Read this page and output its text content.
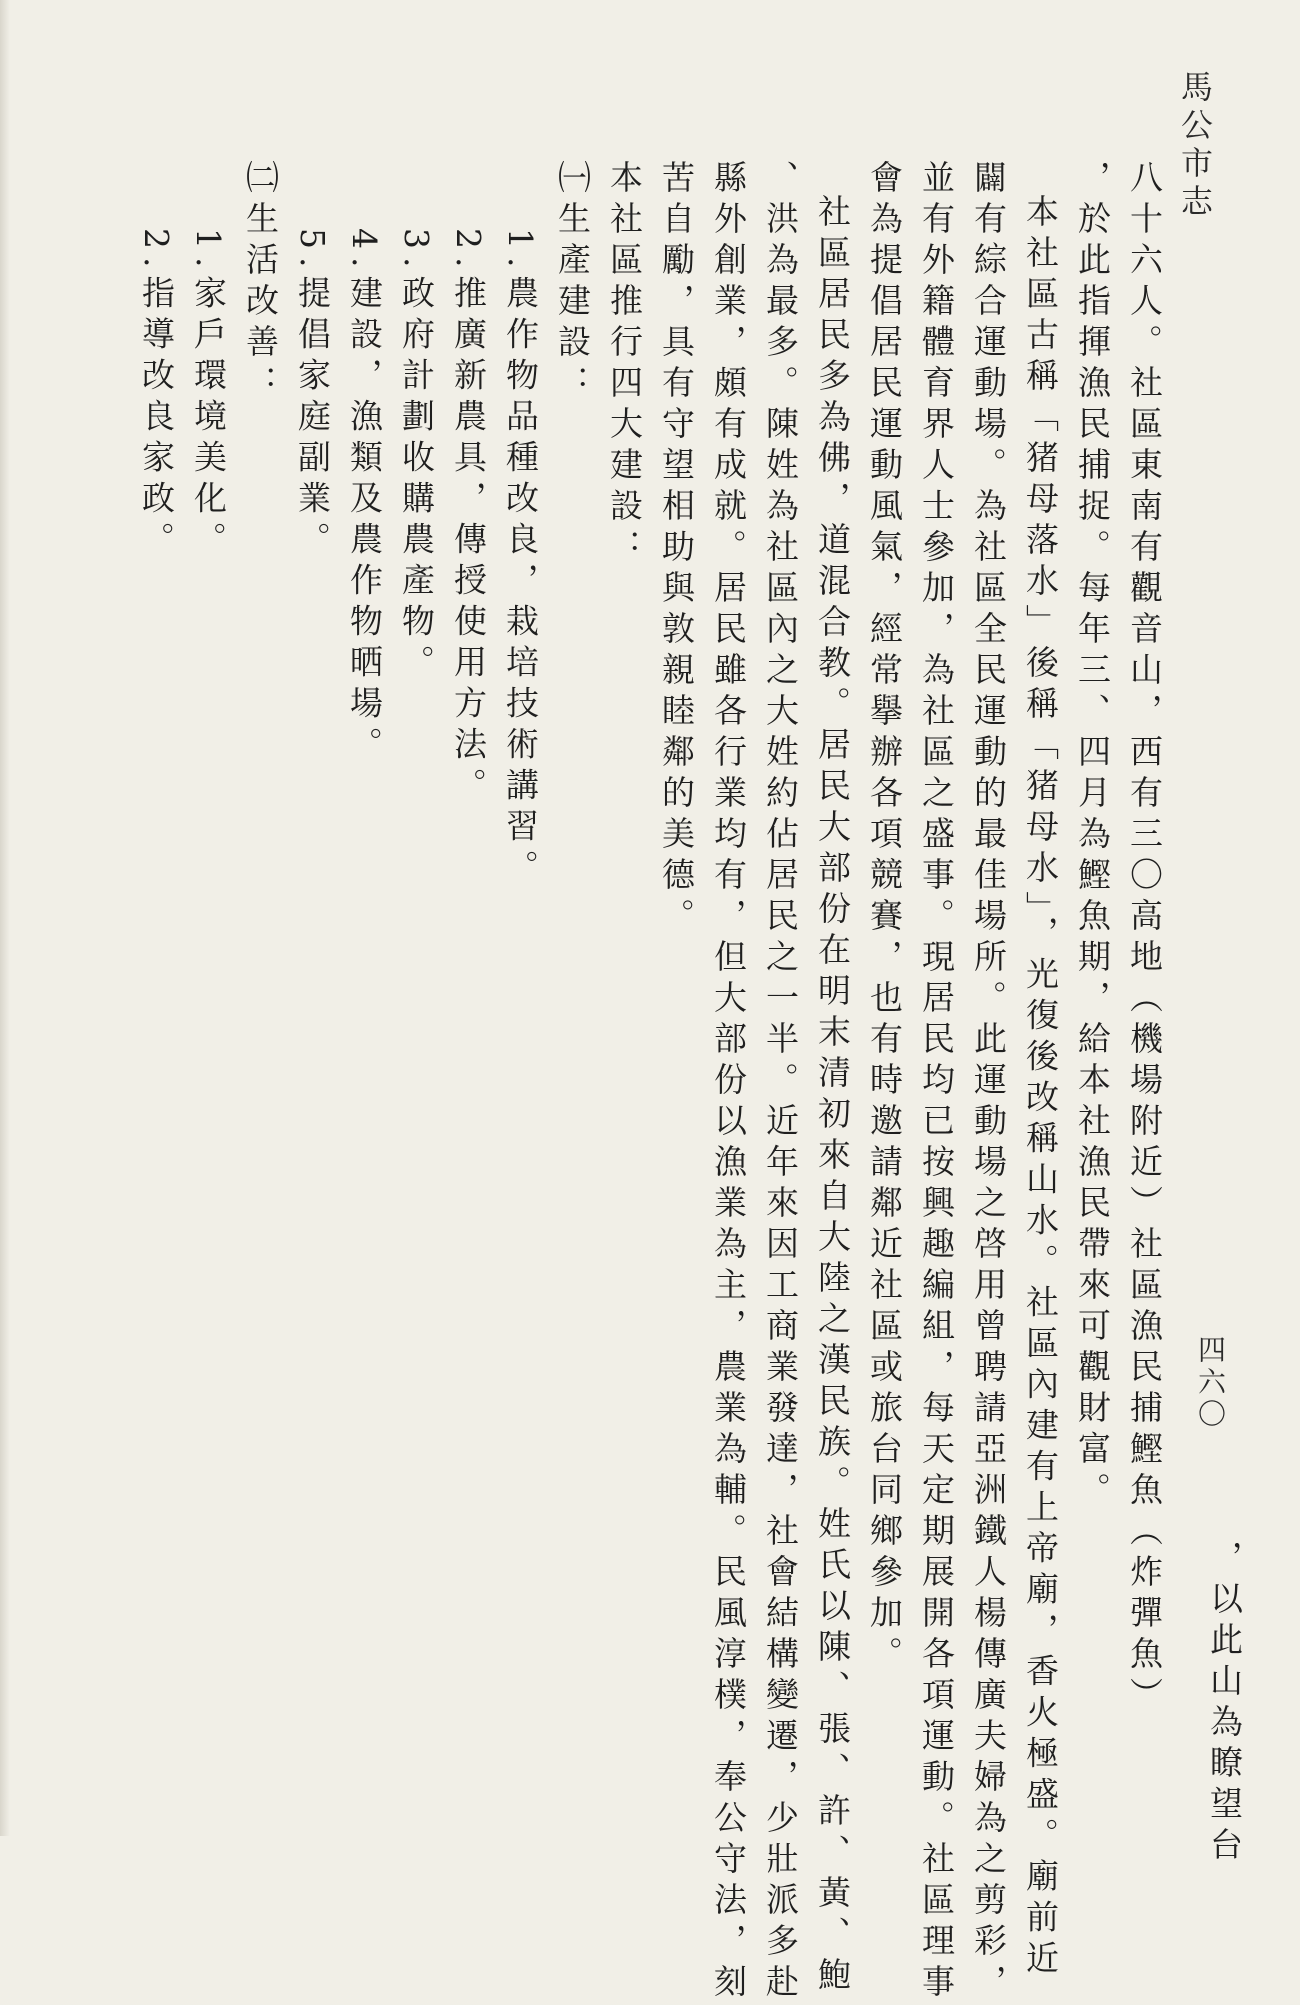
馬公市志
四六〇
，以此山為瞭望台
八十六人。社區東南有觀音山，西有三〇高地（機場附近）社區漁民捕鰹魚（炸彈魚）
，於此指揮漁民捕捉。每年三、四月為鰹魚期，給本社漁民帶來可觀財富。
本社區古稱「猪母落水」後稱「猪母水」，光復後改稱山水。社區內建有上帝廟，香火極盛。廟前近
闢有綜合運動場。為社區全民運動的最佳場所。此運動場之啓用曾聘請亞洲鐵人楊傳廣夫婦為之剪彩，
並有外籍體育界人士參加，為社區之盛事。現居民均已按興趣編組，每天定期展開各項運動。社區理事
會為提倡居民運動風氣，經常擧辦各項競賽，也有時邀請鄰近社區或旅台同鄉參加。
社區居民多為佛，道混合教。居民大部份在明末清初來自大陸之漢民族。姓氏以陳、張、許、黃、鮑
、洪為最多。陳姓為社區內之大姓約佔居民之一半。近年來因工商業發達，社會結構變遷，少壯派多赴
縣外創業，頗有成就。居民雖各行業均有，但大部份以漁業為主，農業為輔。民風淳樸，奉公守法，刻
苦自勵，具有守望相助與敦親睦鄰的美德。
本社區推行四大建設：
㈠生產建設：
1.農作物品種改良，栽培技術講習。
2.推廣新農具，傳授使用方法。
3.政府計劃收購農產物。
4.建設，漁類及農作物晒場。
5.提倡家庭副業。
㈡生活改善：
1.家戶環境美化。
2.指導改良家政。
